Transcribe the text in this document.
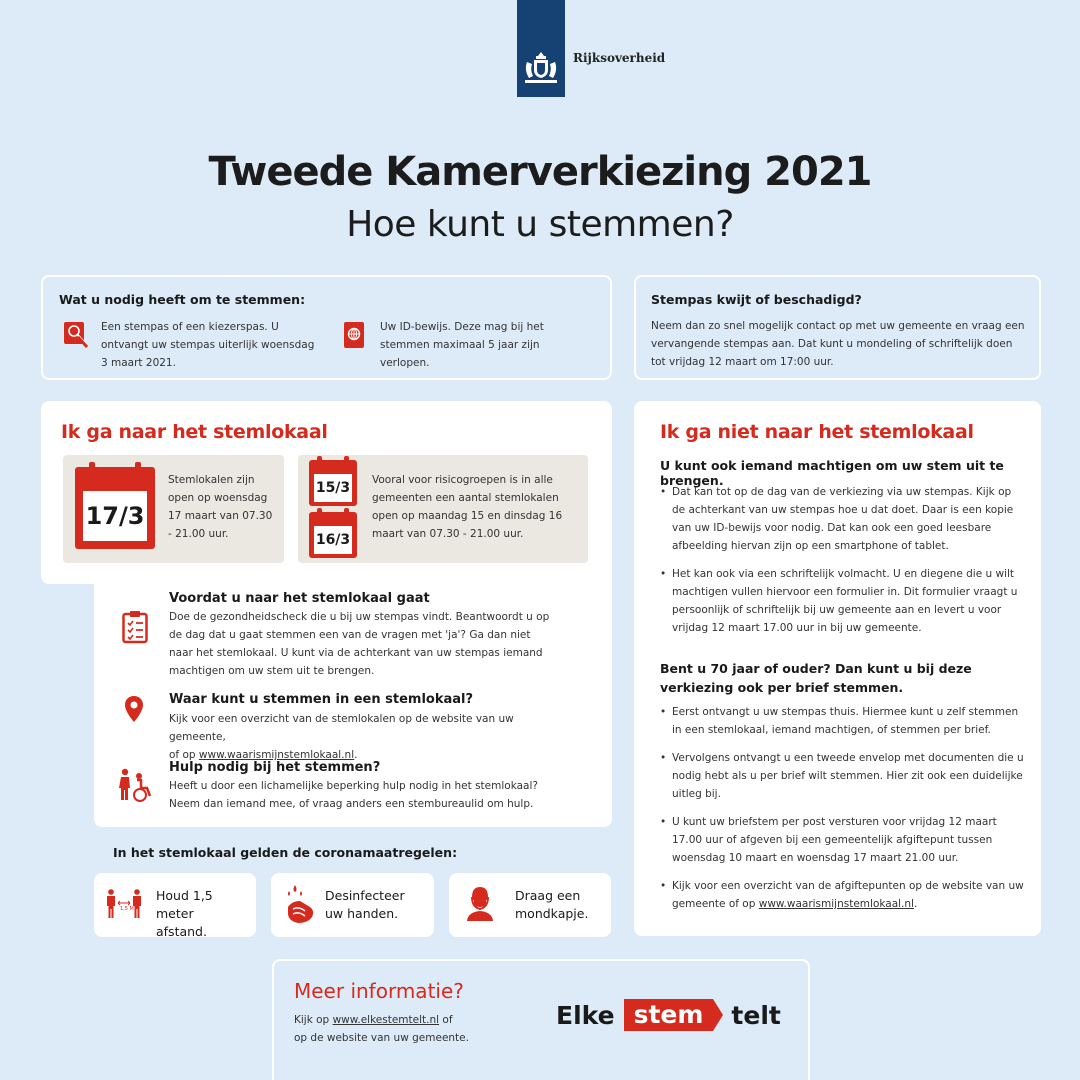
Rijksoverheid
Tweede Kamerverkiezing 2021
Hoe kunt u stemmen?
Wat u nodig heeft om te stemmen:
Een stempas of een kiezerspas. U ontvangt uw stempas uiterlijk woensdag 3 maart 2021.
Uw ID-bewijs. Deze mag bij het stemmen maximaal 5 jaar zijn verlopen.
Stempas kwijt of beschadigd?
Neem dan zo snel mogelijk contact op met uw gemeente en vraag een vervangende stempas aan. Dat kunt u mondeling of schriftelijk doen tot vrijdag 12 maart om 17:00 uur.
Ik ga naar het stemlokaal
17/3
Stemlokalen zijn open op woensdag 17 maart van 07.30 - 21.00 uur.
15/3
16/3
Vooral voor risicogroepen is in alle gemeenten een aantal stemlokalen open op maandag 15 en dinsdag 16 maart van 07.30 - 21.00 uur.
Voordat u naar het stemlokaal gaat
Doe de gezondheidscheck die u bij uw stempas vindt. Beantwoordt u op de dag dat u gaat stemmen een van de vragen met 'ja'? Ga dan niet naar het stemlokaal. U kunt via de achterkant van uw stempas iemand machtigen om uw stem uit te brengen.
Waar kunt u stemmen in een stemlokaal?
Kijk voor een overzicht van de stemlokalen op de website van uw gemeente,
of op www.waarismijnstemlokaal.nl.
Hulp nodig bij het stemmen?
Heeft u door een lichamelijke beperking hulp nodig in het stemlokaal? Neem dan iemand mee, of vraag anders een stembureaulid om hulp.
In het stemlokaal gelden de coronamaatregelen:
1,5 M
Houd 1,5 meter afstand.
Desinfecteer uw handen.
Draag een mondkapje.
Ik ga niet naar het stemlokaal
U kunt ook iemand machtigen om uw stem uit te brengen.
• Dat kan tot op de dag van de verkiezing via uw stempas. Kijk op de achterkant van uw stempas hoe u dat doet. Daar is een kopie van uw ID-bewijs voor nodig. Dat kan ook een goed leesbare afbeelding hiervan zijn op een smartphone of tablet.
• Het kan ook via een schriftelijk volmacht. U en diegene die u wilt machtigen vullen hiervoor een formulier in. Dit formulier vraagt u persoonlijk of schriftelijk bij uw gemeente aan en levert u voor vrijdag 12 maart 17.00 uur in bij uw gemeente.
Bent u 70 jaar of ouder? Dan kunt u bij deze verkiezing ook per brief stemmen.
• Eerst ontvangt u uw stempas thuis. Hiermee kunt u zelf stemmen in een stemlokaal, iemand machtigen, of stemmen per brief.
• Vervolgens ontvangt u een tweede envelop met documenten die u nodig hebt als u per brief wilt stemmen. Hier zit ook een duidelijke uitleg bij.
• U kunt uw briefstem per post versturen voor vrijdag 12 maart 17.00 uur of afgeven bij een gemeentelijk afgiftepunt tussen woensdag 10 maart en woensdag 17 maart 21.00 uur.
• Kijk voor een overzicht van de afgiftepunten op de website van uw gemeente of op www.waarismijnstemlokaal.nl.
Meer informatie?
Kijk op www.elkestemtelt.nl of
op de website van uw gemeente.
Elke stem	telt
